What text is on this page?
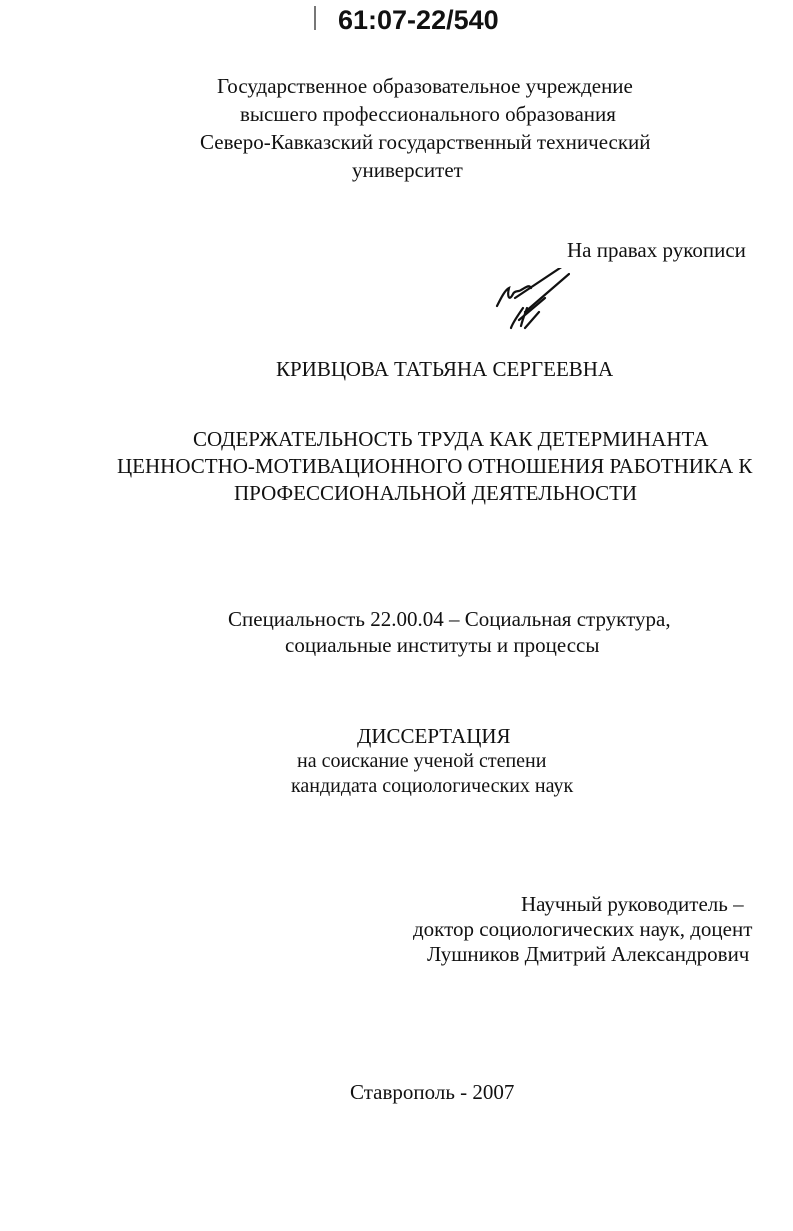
61:07-22/540
Государственное образовательное учреждение
высшего профессионального образования
Северо-Кавказский государственный технический
университет
На правах рукописи
КРИВЦОВА ТАТЬЯНА СЕРГЕЕВНА
СОДЕРЖАТЕЛЬНОСТЬ ТРУДА КАК ДЕТЕРМИНАНТА
ЦЕННОСТНО-МОТИВАЦИОННОГО ОТНОШЕНИЯ РАБОТНИКА К
ПРОФЕССИОНАЛЬНОЙ ДЕЯТЕЛЬНОСТИ
Специальность 22.00.04 – Социальная структура,
социальные институты и процессы
ДИССЕРТАЦИЯ
на соискание ученой степени
кандидата социологических наук
Научный руководитель –
доктор социологических наук, доцент
Лушников Дмитрий Александрович
Ставрополь - 2007
